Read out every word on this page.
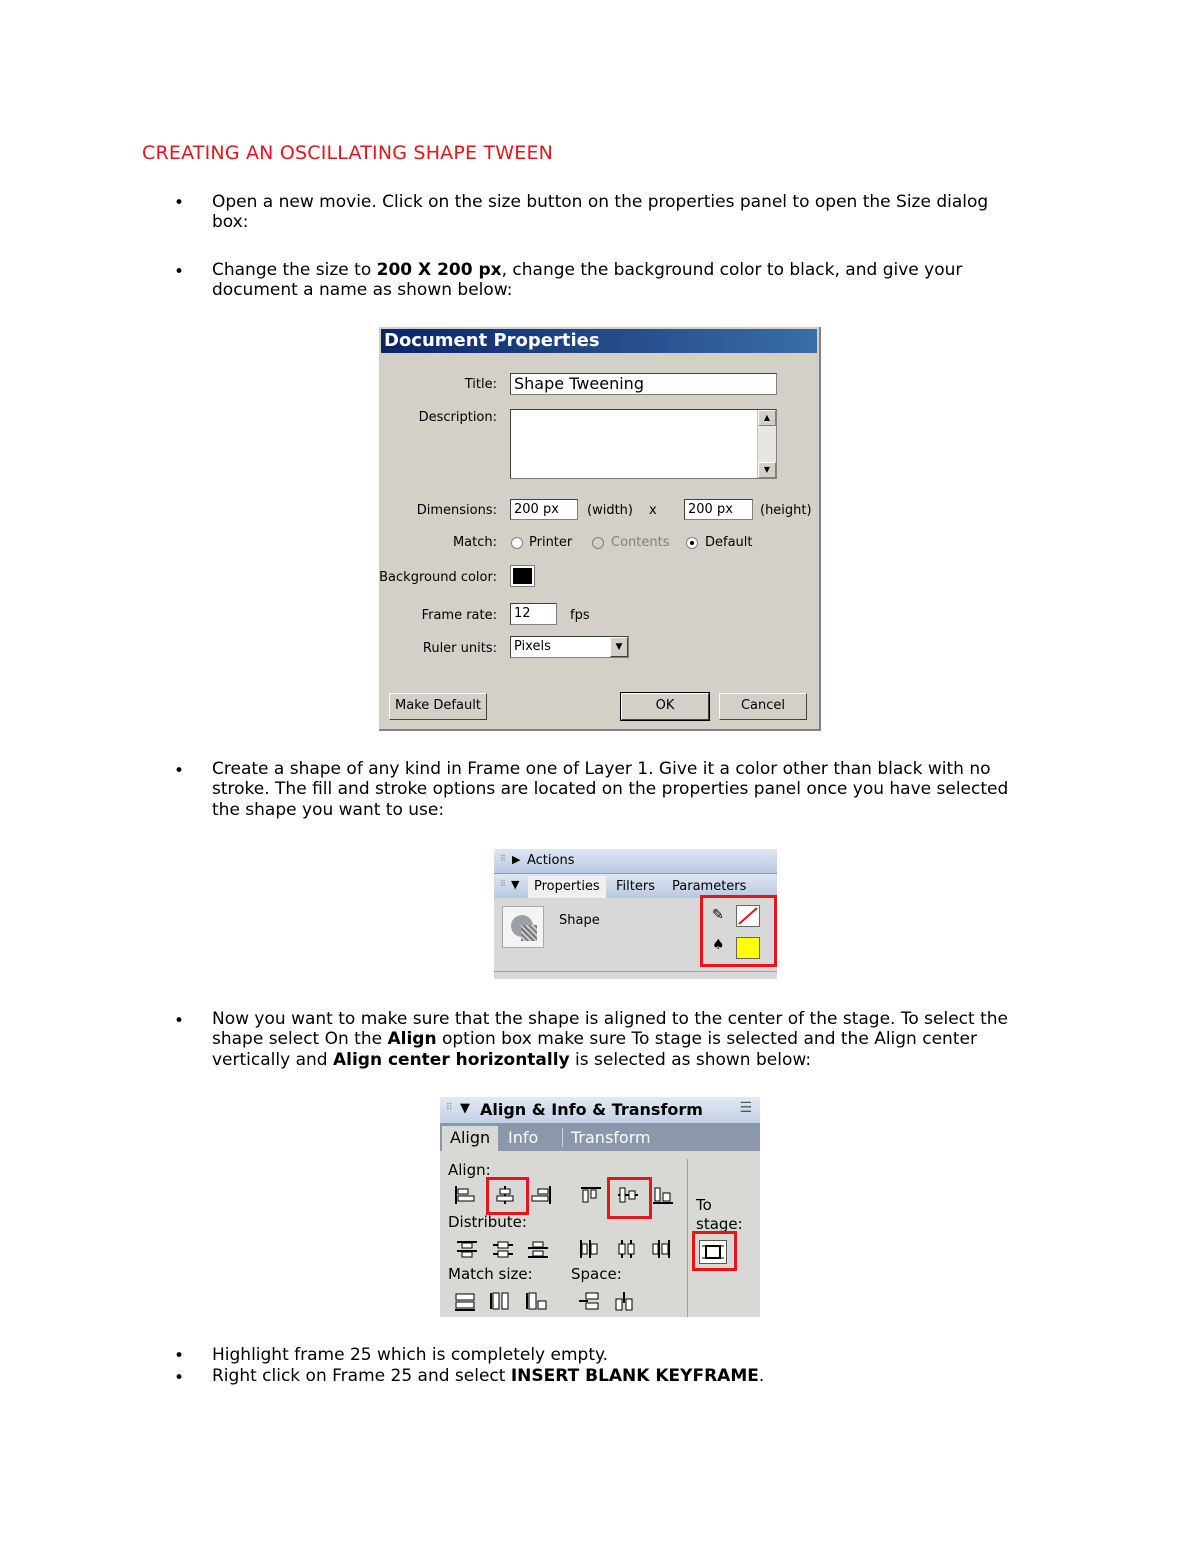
CREATING AN OSCILLATING SHAPE TWEEN
• Open a new movie. Click on the size button on the properties panel to open the Size dialog
box:
• Change the size to 200 X 200 px, change the background color to black, and give your
document a name as shown below:
Document Properties
Title: Shape Tweening
Description:	▲
▼
Dimensions:	200 px	(width) x	200 px	(height)
Match: Printer	Contents	Default
Background color:
Frame rate:	12	fps
Ruler units:	Pixels	▼
Make Default	OK	Cancel
• Create a shape of any kind in Frame one of Layer 1. Give it a color other than black with no
stroke. The fill and stroke options are located on the properties panel once you have selected
the shape you want to use:
⠿ ▶ Actions
⠿ ▼	Properties	Filters Parameters
Shape	✎
♠
• Now you want to make sure that the shape is aligned to the center of the stage. To select the
shape select On the Align option box make sure To stage is selected and the Align center
vertically and Align center horizontally is selected as shown below:
⠿ ▼ Align & Info & Transform	☰
Align	Info	Transform
Align:
Distribute:
Match size:	Space:
To
stage:
• Highlight frame 25 which is completely empty.
• Right click on Frame 25 and select INSERT BLANK KEYFRAME.
